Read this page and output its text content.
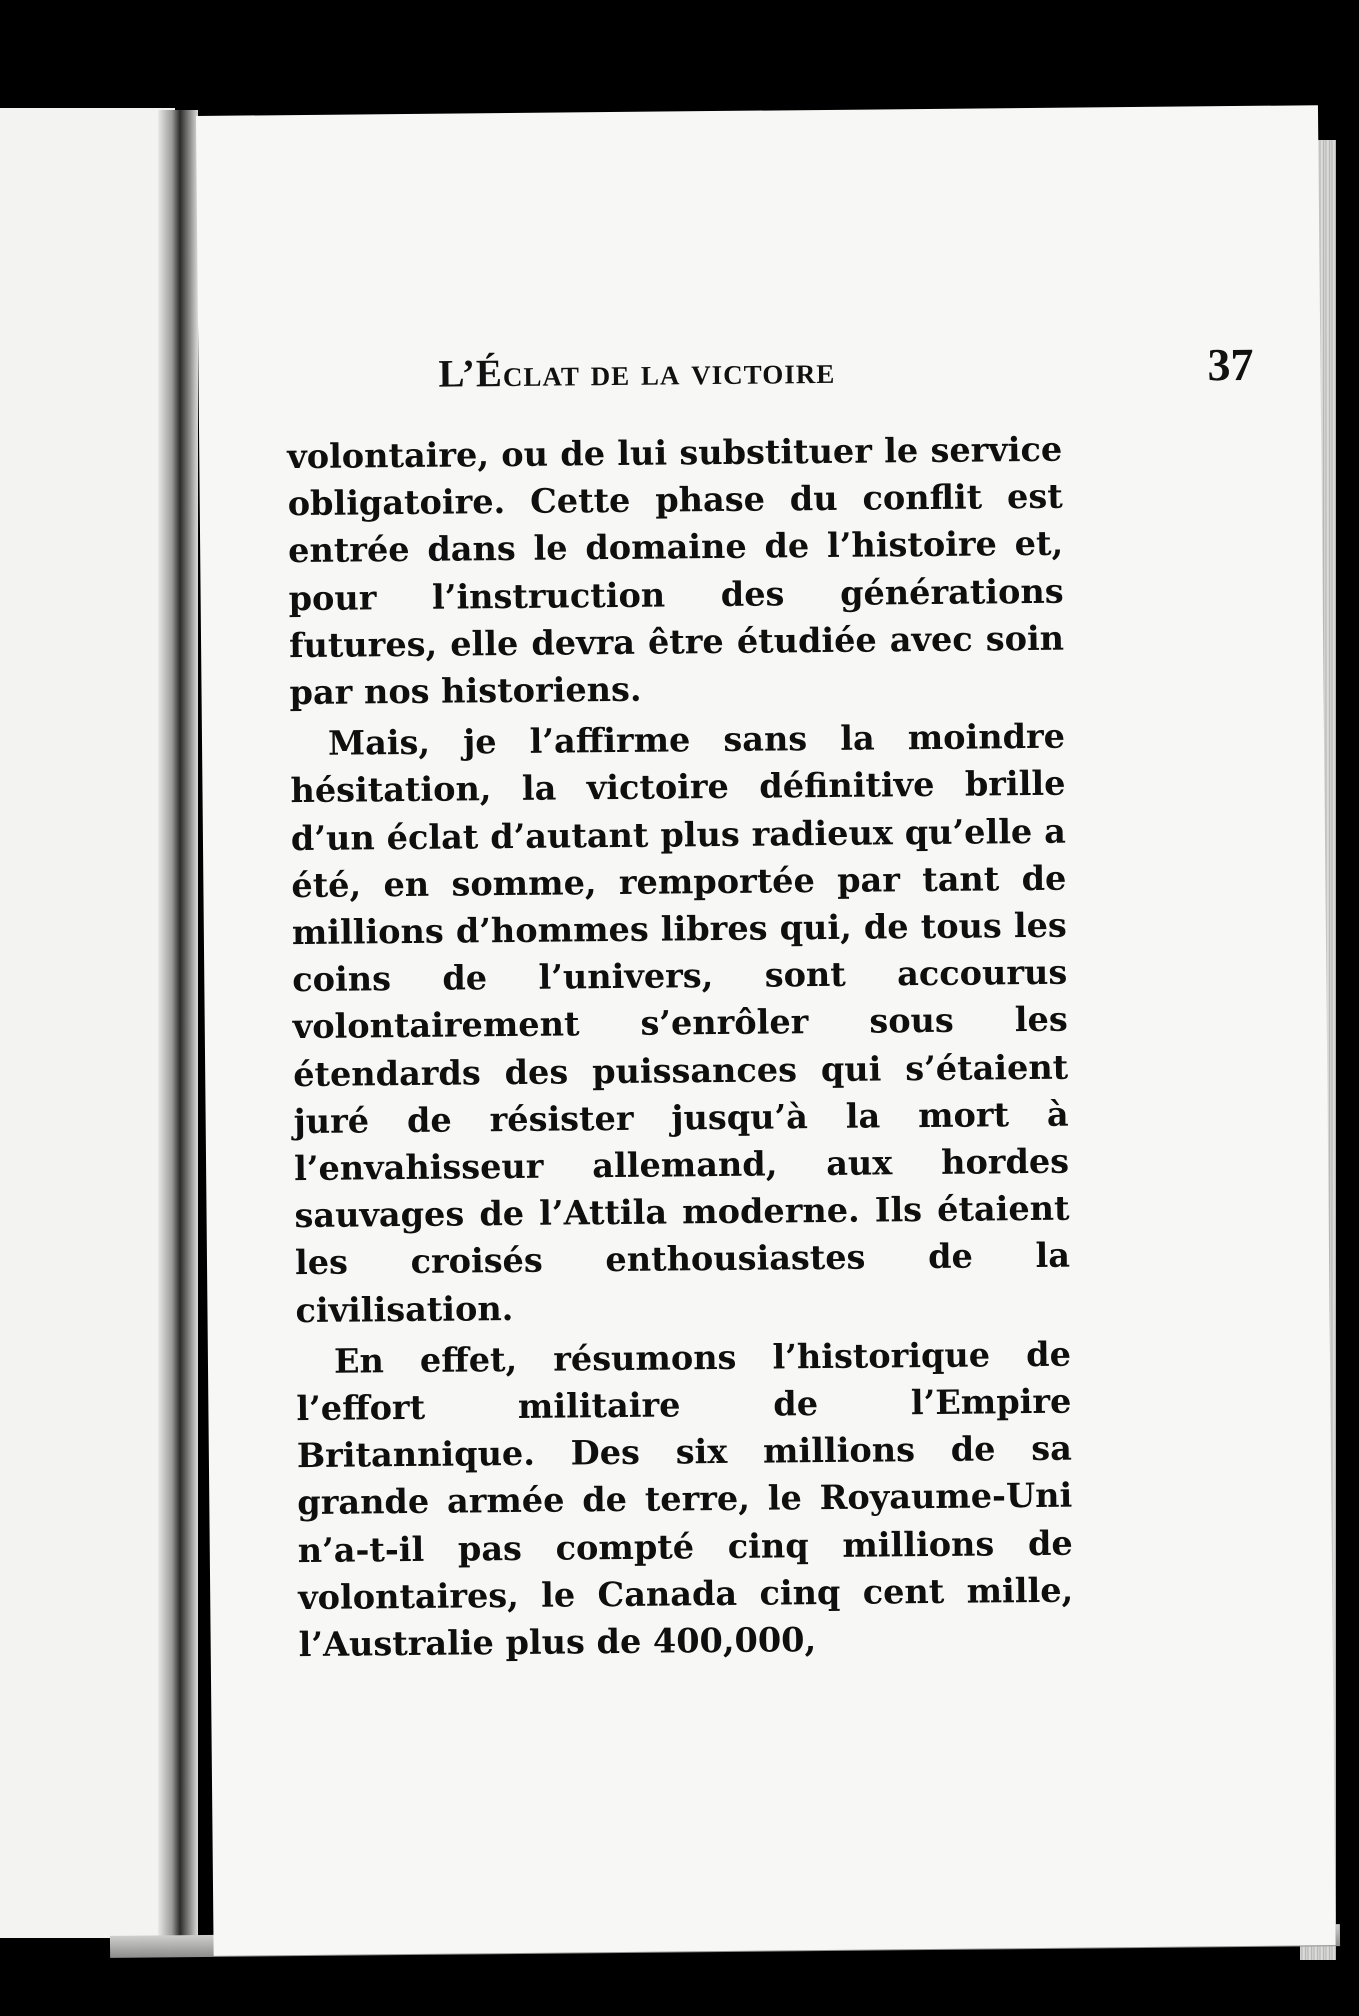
L’Éclat de la victoire	37

volontaire, ou de lui substituer le service obligatoire. Cette phase du conflit est entrée dans le domaine de l’histoire et, pour l’instruction des générations futures, elle devra être étudiée avec soin par nos historiens.

Mais, je l’affirme sans la moindre hésitation, la victoire définitive brille d’un éclat d’autant plus radieux qu’elle a été, en somme, remportée par tant de millions d’hommes libres qui, de tous les coins de l’univers, sont accourus volontairement s’enrôler sous les étendards des puissances qui s’étaient juré de résister jusqu’à la mort à l’envahisseur allemand, aux hordes sauvages de l’Attila moderne. Ils étaient les croisés enthousiastes de la civilisation.

En effet, résumons l’historique de l’effort militaire de l’Empire Britannique. Des six millions de sa grande armée de terre, le Royaume-Uni n’a-t-il pas compté cinq millions de volontaires, le Canada cinq cent mille, l’Australie plus de 400,000,
